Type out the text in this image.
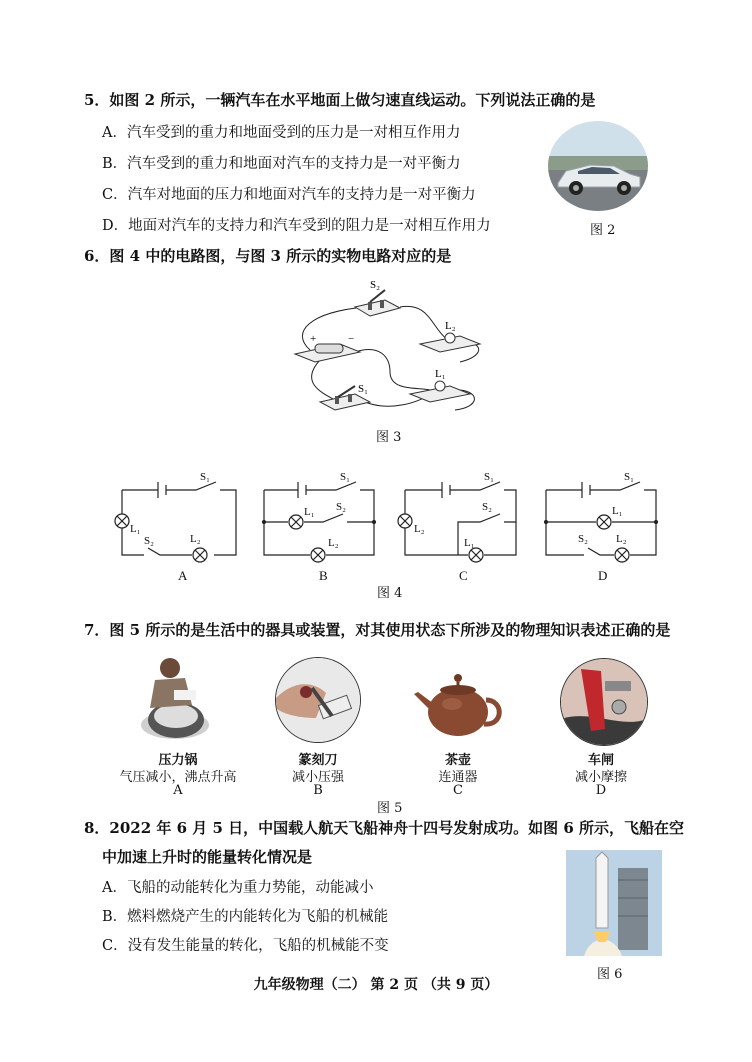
5．如图 2 所示，一辆汽车在水平地面上做匀速直线运动。下列说法正确的是
A．汽车受到的重力和地面受到的压力是一对相互作用力
B．汽车受到的重力和地面对汽车的支持力是一对平衡力
C．汽车对地面的压力和地面对汽车的支持力是一对平衡力
D．地面对汽车的支持力和汽车受到的阻力是一对相互作用力	图 2
6．图 4 中的电路图，与图 3 所示的实物电路对应的是
S₂
S₁
L₂
L₁
+	−
图 3
S₁
L₁
S₂	L₂
S₁
L₁ S₂
L₂
S₁
L₂
S₂
L₁
S₁
L₁
S₂	L₂
A	B	C	D
图 4
7．图 5 所示的是生活中的器具或装置，对其使用状态下所涉及的物理知识表述正确的是
压力锅
气压减小，沸点升高
A
篆刻刀
减小压强
B
茶壶
连通器
C
车闸
减小摩擦
D
图 5
8．2022 年 6 月 5 日，中国载人航天飞船神舟十四号发射成功。如图 6 所示，飞船在空
中加速上升时的能量转化情况是
A．飞船的动能转化为重力势能，动能减小
B．燃料燃烧产生的内能转化为飞船的机械能
C．没有发生能量的转化，飞船的机械能不变
图 6
九年级物理（二） 第 2 页 （共 9 页）
